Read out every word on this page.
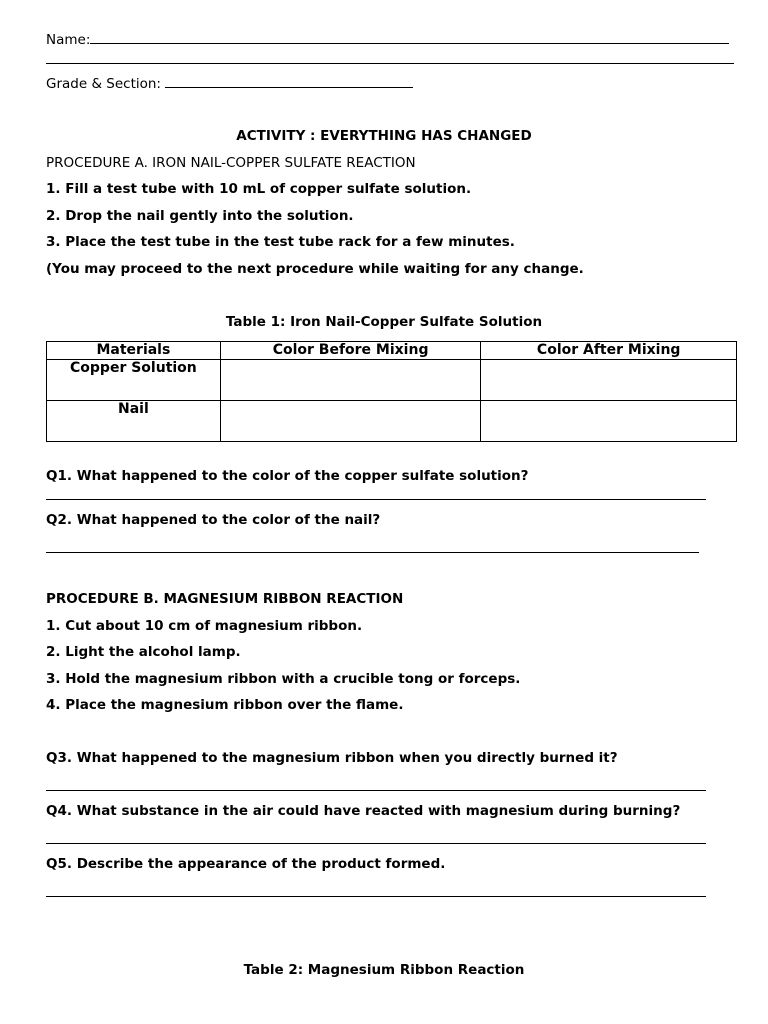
Name:
Grade & Section:
ACTIVITY : EVERYTHING HAS CHANGED
PROCEDURE A. IRON NAIL-COPPER SULFATE REACTION
1. Fill a test tube with 10 mL of copper sulfate solution.
2. Drop the nail gently into the solution.
3. Place the test tube in the test tube rack for a few minutes.
(You may proceed to the next procedure while waiting for any change.
Table 1: Iron Nail-Copper Sulfate Solution
Materials	Color Before Mixing	Color After Mixing
Copper Solution		
Nail		
Q1. What happened to the color of the copper sulfate solution?
Q2. What happened to the color of the nail?
PROCEDURE B. MAGNESIUM RIBBON REACTION
1. Cut about 10 cm of magnesium ribbon.
2. Light the alcohol lamp.
3. Hold the magnesium ribbon with a crucible tong or forceps.
4. Place the magnesium ribbon over the flame.
Q3. What happened to the magnesium ribbon when you directly burned it?
Q4. What substance in the air could have reacted with magnesium during burning?
Q5. Describe the appearance of the product formed.
Table 2: Magnesium Ribbon Reaction
